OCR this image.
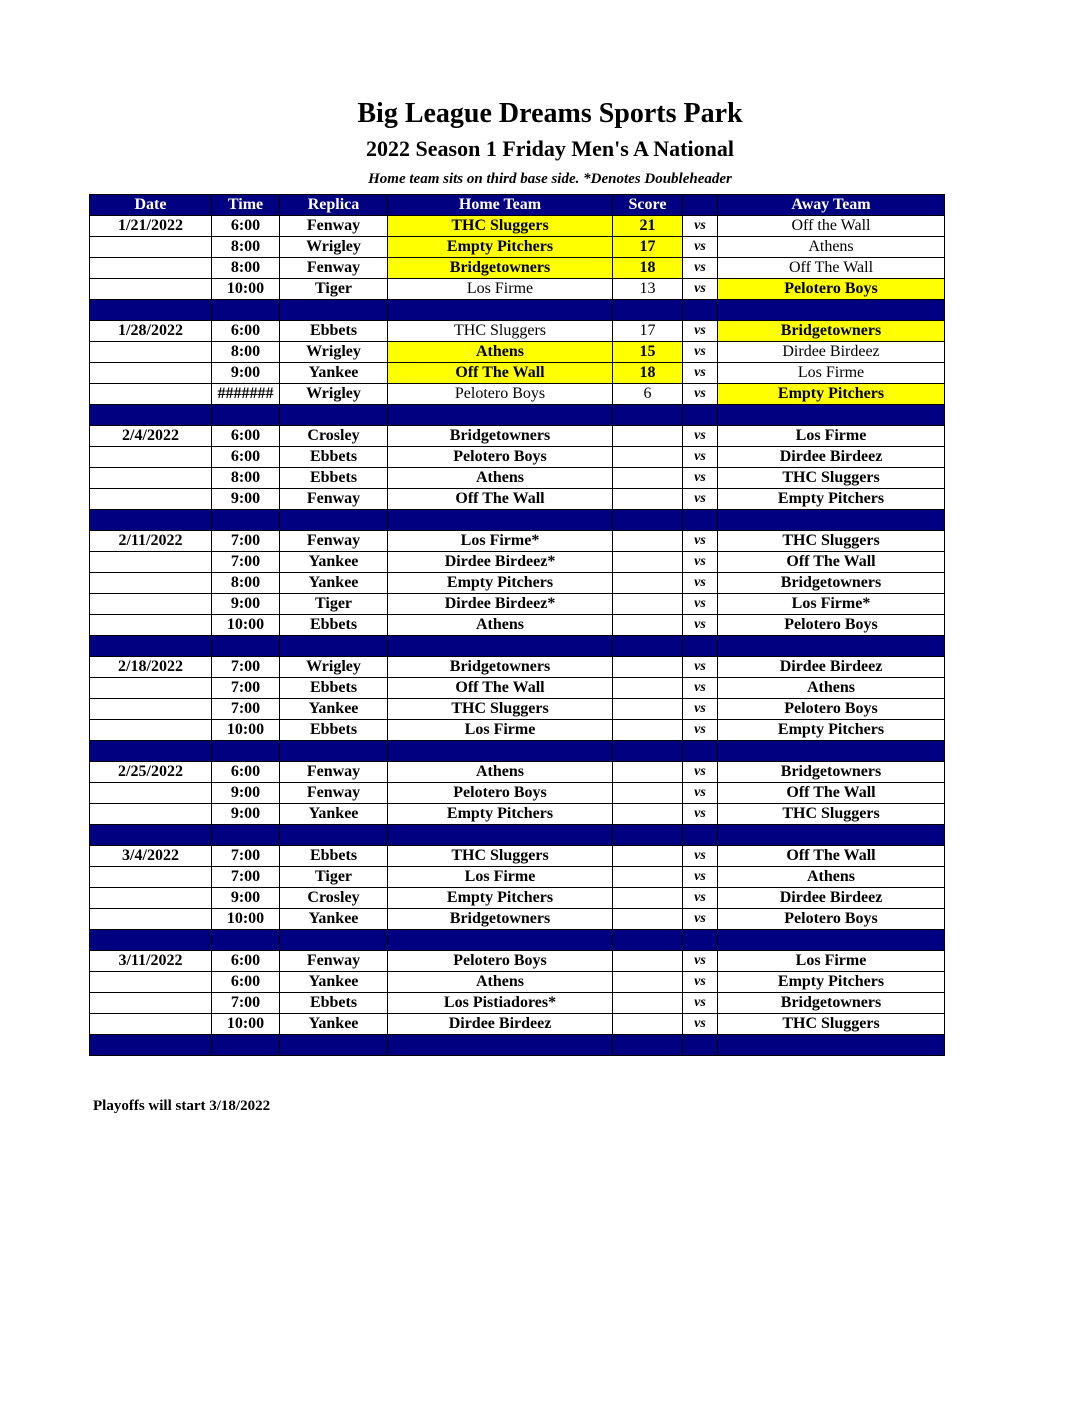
Big League Dreams Sports Park
2022 Season 1 Friday Men's A National
Home team sits on third base side. *Denotes Doubleheader
Date	Time	Replica	Home Team	Score		Away Team
1/21/2022	6:00	Fenway	THC Sluggers	21	vs	Off the Wall
	8:00	Wrigley	Empty Pitchers	17	vs	Athens
	8:00	Fenway	Bridgetowners	18	vs	Off The Wall
	10:00	Tiger	Los Firme	13	vs	Pelotero Boys

1/28/2022	6:00	Ebbets	THC Sluggers	17	vs	Bridgetowners
	8:00	Wrigley	Athens	15	vs	Dirdee Birdeez
	9:00	Yankee	Off The Wall	18	vs	Los Firme
	#######	Wrigley	Pelotero Boys	6	vs	Empty Pitchers

2/4/2022	6:00	Crosley	Bridgetowners		vs	Los Firme
	6:00	Ebbets	Pelotero Boys		vs	Dirdee Birdeez
	8:00	Ebbets	Athens		vs	THC Sluggers
	9:00	Fenway	Off The Wall		vs	Empty Pitchers

2/11/2022	7:00	Fenway	Los Firme*		vs	THC Sluggers
	7:00	Yankee	Dirdee Birdeez*		vs	Off The Wall
	8:00	Yankee	Empty Pitchers		vs	Bridgetowners
	9:00	Tiger	Dirdee Birdeez*		vs	Los Firme*
	10:00	Ebbets	Athens		vs	Pelotero Boys

2/18/2022	7:00	Wrigley	Bridgetowners		vs	Dirdee Birdeez
	7:00	Ebbets	Off The Wall		vs	Athens
	7:00	Yankee	THC Sluggers		vs	Pelotero Boys
	10:00	Ebbets	Los Firme		vs	Empty Pitchers

2/25/2022	6:00	Fenway	Athens		vs	Bridgetowners
	9:00	Fenway	Pelotero Boys		vs	Off The Wall
	9:00	Yankee	Empty Pitchers		vs	THC Sluggers

3/4/2022	7:00	Ebbets	THC Sluggers		vs	Off The Wall
	7:00	Tiger	Los Firme		vs	Athens
	9:00	Crosley	Empty Pitchers		vs	Dirdee Birdeez
	10:00	Yankee	Bridgetowners		vs	Pelotero Boys

3/11/2022	6:00	Fenway	Pelotero Boys		vs	Los Firme
	6:00	Yankee	Athens		vs	Empty Pitchers
	7:00	Ebbets	Los Pistiadores*		vs	Bridgetowners
	10:00	Yankee	Dirdee Birdeez		vs	THC Sluggers

Playoffs will start 3/18/2022
